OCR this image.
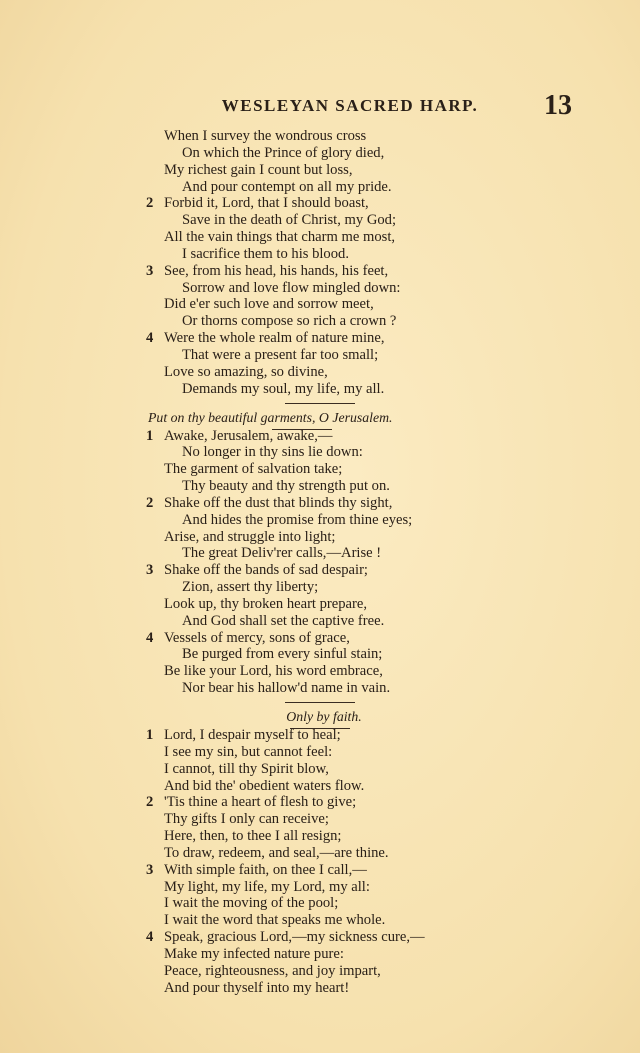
WESLEYAN SACRED HARP.	13
When I survey the wondrous cross
On which the Prince of glory died,
My richest gain I count but loss,
And pour contempt on all my pride.
2 Forbid it, Lord, that I should boast,
Save in the death of Christ, my God;
All the vain things that charm me most,
I sacrifice them to his blood.
3 See, from his head, his hands, his feet,
Sorrow and love flow mingled down:
Did e'er such love and sorrow meet,
Or thorns compose so rich a crown ?
4 Were the whole realm of nature mine,
That were a present far too small;
Love so amazing, so divine,
Demands my soul, my life, my all.
Put on thy beautiful garments, O Jerusalem.
1 Awake, Jerusalem, awake,—
No longer in thy sins lie down:
The garment of salvation take;
Thy beauty and thy strength put on.
2 Shake off the dust that blinds thy sight,
And hides the promise from thine eyes;
Arise, and struggle into light;
The great Deliv'rer calls,—Arise !
3 Shake off the bands of sad despair;
Zion, assert thy liberty;
Look up, thy broken heart prepare,
And God shall set the captive free.
4 Vessels of mercy, sons of grace,
Be purged from every sinful stain;
Be like your Lord, his word embrace,
Nor bear his hallow'd name in vain.
Only by faith.
1 Lord, I despair myself to heal;
I see my sin, but cannot feel:
I cannot, till thy Spirit blow,
And bid the' obedient waters flow.
2 'Tis thine a heart of flesh to give;
Thy gifts I only can receive;
Here, then, to thee I all resign;
To draw, redeem, and seal,—are thine.
3 With simple faith, on thee I call,—
My light, my life, my Lord, my all:
I wait the moving of the pool;
I wait the word that speaks me whole.
4 Speak, gracious Lord,—my sickness cure,—
Make my infected nature pure:
Peace, righteousness, and joy impart,
And pour thyself into my heart!
